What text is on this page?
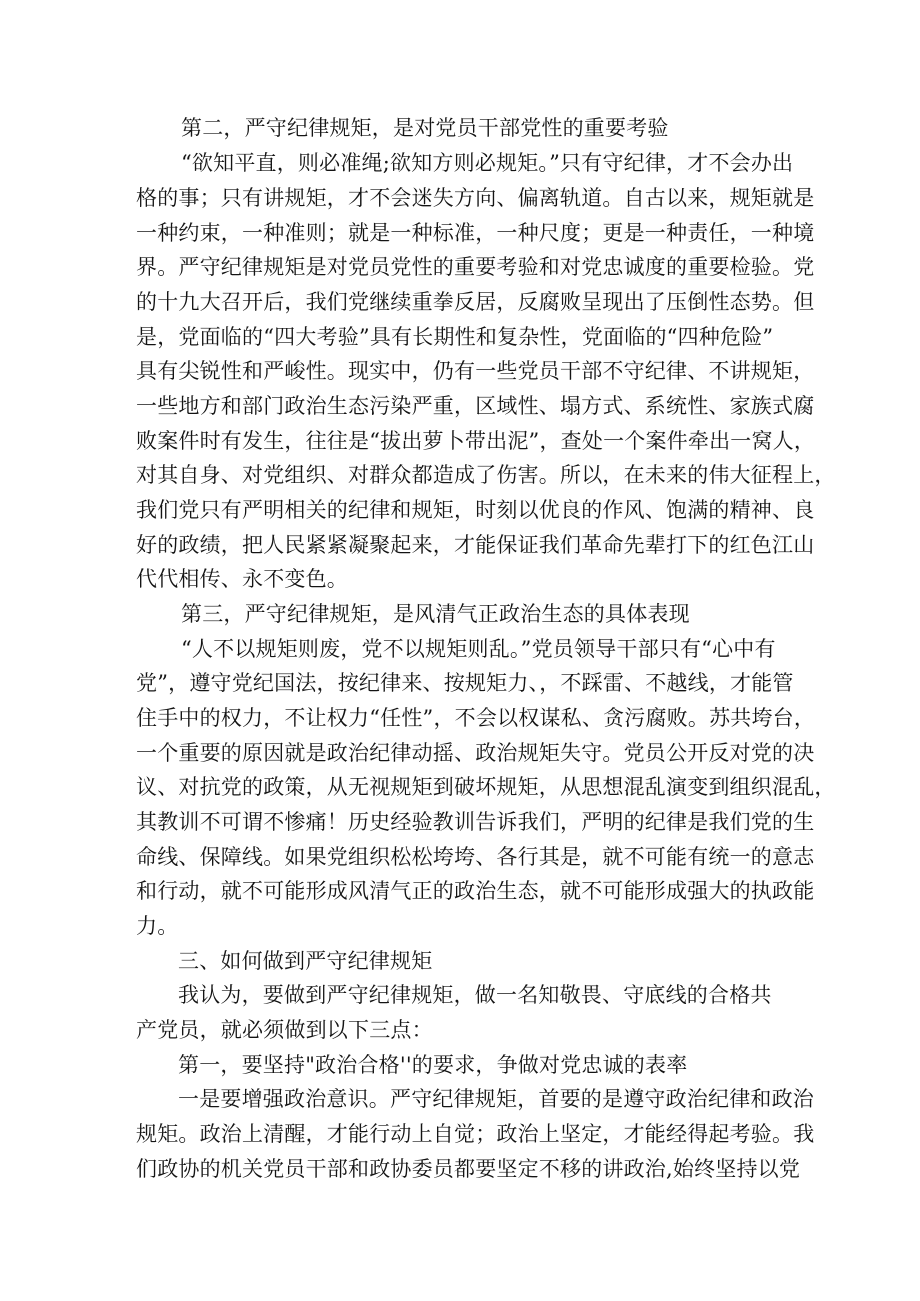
第二，严守纪律规矩，是对党员干部党性的重要考验
“欲知平直，则必准绳;欲知方则必规矩。”只有守纪律，才不会办出
格的事；只有讲规矩，才不会迷失方向、偏离轨道。自古以来，规矩就是
一种约束，一种准则；就是一种标准，一种尺度；更是一种责任，一种境
界。严守纪律规矩是对党员党性的重要考验和对党忠诚度的重要检验。党
的十九大召开后，我们党继续重拳反居，反腐败呈现出了压倒性态势。但
是，党面临的“四大考验”具有长期性和复杂性，党面临的“四种危险”
具有尖锐性和严峻性。现实中，仍有一些党员干部不守纪律、不讲规矩，
一些地方和部门政治生态污染严重，区域性、塌方式、系统性、家族式腐
败案件时有发生，往往是“拔出萝卜带出泥”，查处一个案件牵出一窝人，
对其自身、对党组织、对群众都造成了伤害。所以，在未来的伟大征程上，
我们党只有严明相关的纪律和规矩，时刻以优良的作风、饱满的精神、良
好的政绩，把人民紧紧凝聚起来，才能保证我们革命先辈打下的红色江山
代代相传、永不变色。
第三，严守纪律规矩，是风清气正政治生态的具体表现
“人不以规矩则废，党不以规矩则乱。”党员领导干部只有“心中有
党”，遵守党纪国法，按纪律来、按规矩力、，不踩雷、不越线，才能管
住手中的权力，不让权力“任性”，不会以权谋私、贪污腐败。苏共垮台，
一个重要的原因就是政治纪律动摇、政治规矩失守。党员公开反对党的决
议、对抗党的政策，从无视规矩到破坏规矩，从思想混乱演变到组织混乱，
其教训不可谓不惨痛！历史经验教训告诉我们，严明的纪律是我们党的生
命线、保障线。如果党组织松松垮垮、各行其是，就不可能有统一的意志
和行动，就不可能形成风清气正的政治生态，就不可能形成强大的执政能
力。
三、如何做到严守纪律规矩
我认为，要做到严守纪律规矩，做一名知敬畏、守底线的合格共
产党员，就必须做到以下三点：
第一，要坚持"政治合格''的要求，争做对党忠诚的表率
一是要增强政治意识。严守纪律规矩，首要的是遵守政治纪律和政治
规矩。政治上清醒，才能行动上自觉；政治上坚定，才能经得起考验。我
们政协的机关党员干部和政协委员都要坚定不移的讲政治,始终坚持以党
